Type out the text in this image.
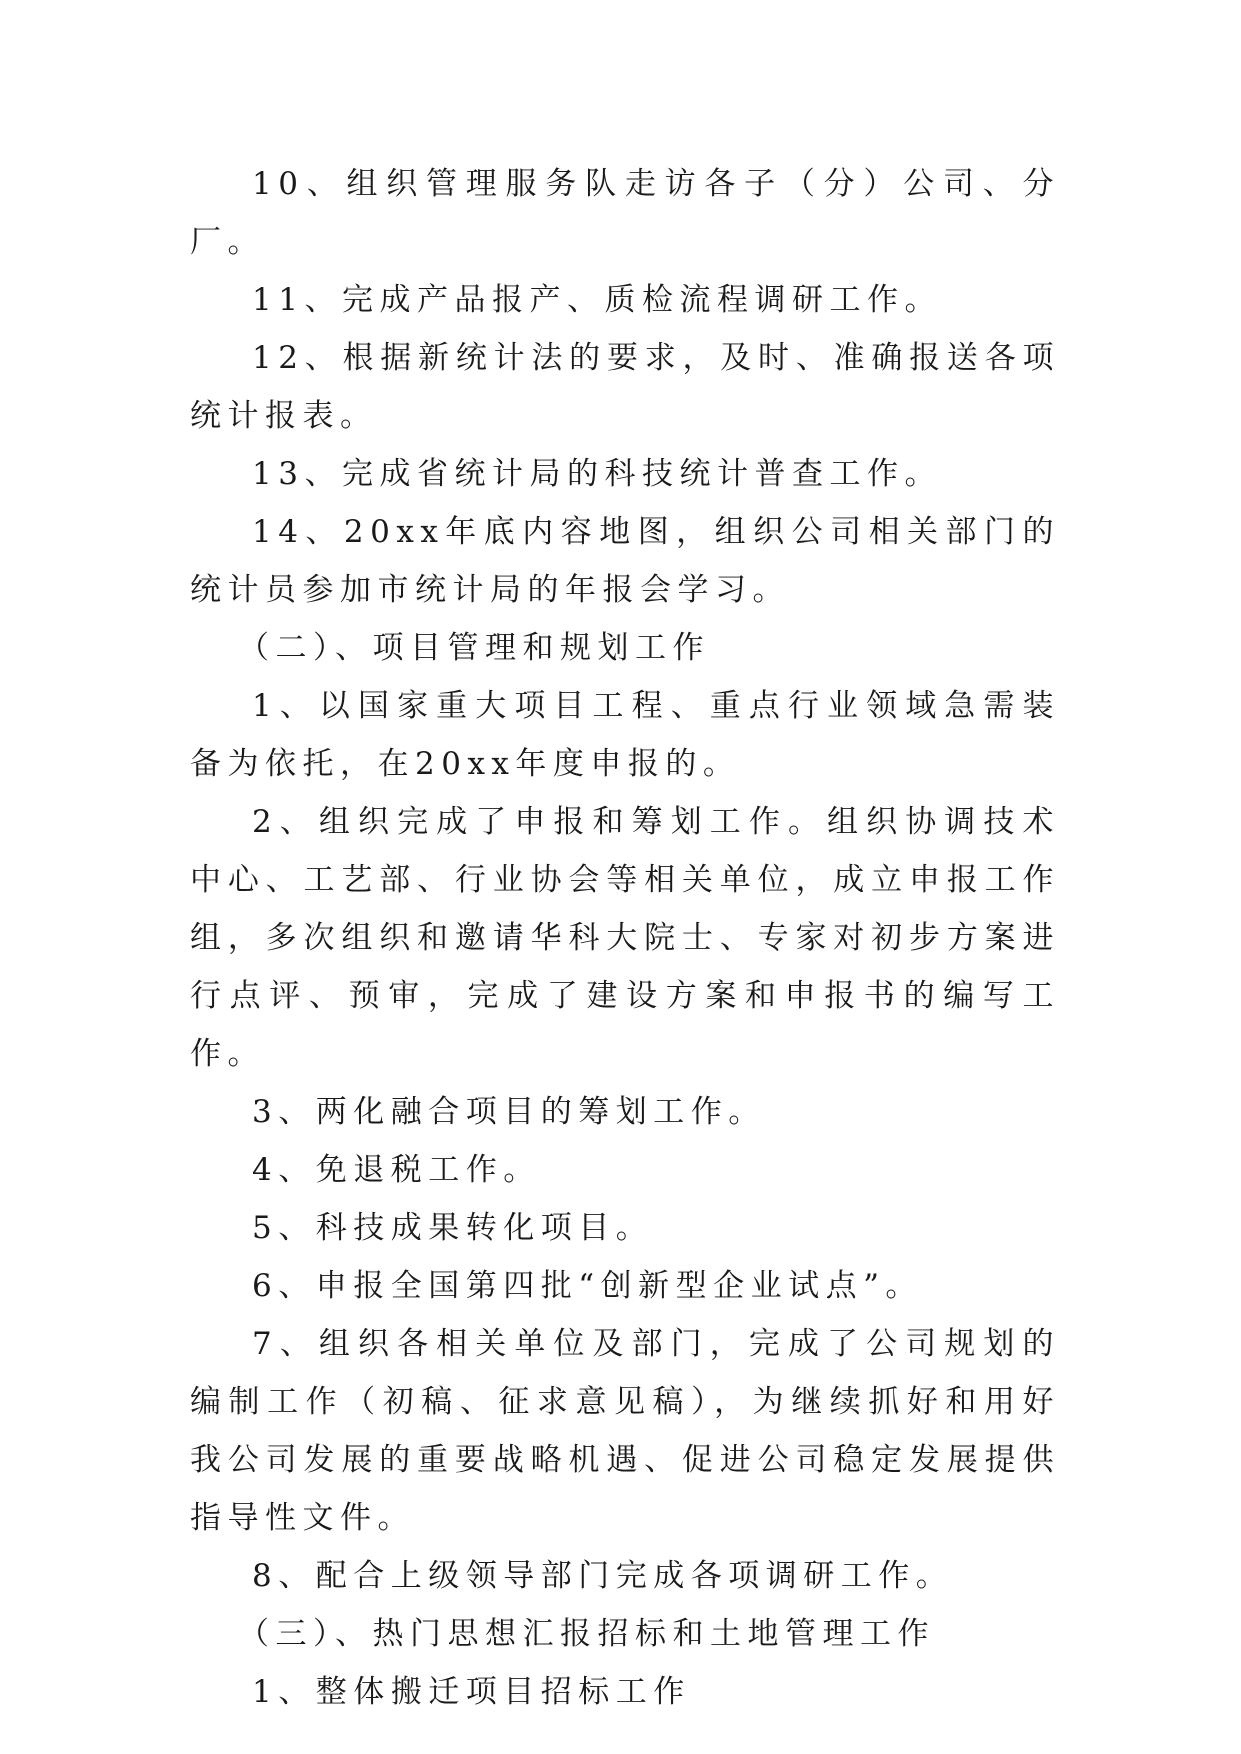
10、组织管理服务队走访各子（分）公司、分厂。

11、完成产品报产、质检流程调研工作。

12、根据新统计法的要求，及时、准确报送各项统计报表。

13、完成省统计局的科技统计普查工作。

14、20xx年底内容地图，组织公司相关部门的统计员参加市统计局的年报会学习。

（二）、项目管理和规划工作

1、以国家重大项目工程、重点行业领域急需装备为依托，在20xx年度申报的。

2、组织完成了申报和筹划工作。组织协调技术中心、工艺部、行业协会等相关单位，成立申报工作组，多次组织和邀请华科大院士、专家对初步方案进行点评、预审，完成了建设方案和申报书的编写工作。

3、两化融合项目的筹划工作。

4、免退税工作。

5、科技成果转化项目。

6、申报全国第四批“创新型企业试点”。

7、组织各相关单位及部门，完成了公司规划的编制工作（初稿、征求意见稿），为继续抓好和用好我公司发展的重要战略机遇、促进公司稳定发展提供指导性文件。

8、配合上级领导部门完成各项调研工作。

（三）、热门思想汇报招标和土地管理工作

1、整体搬迁项目招标工作
